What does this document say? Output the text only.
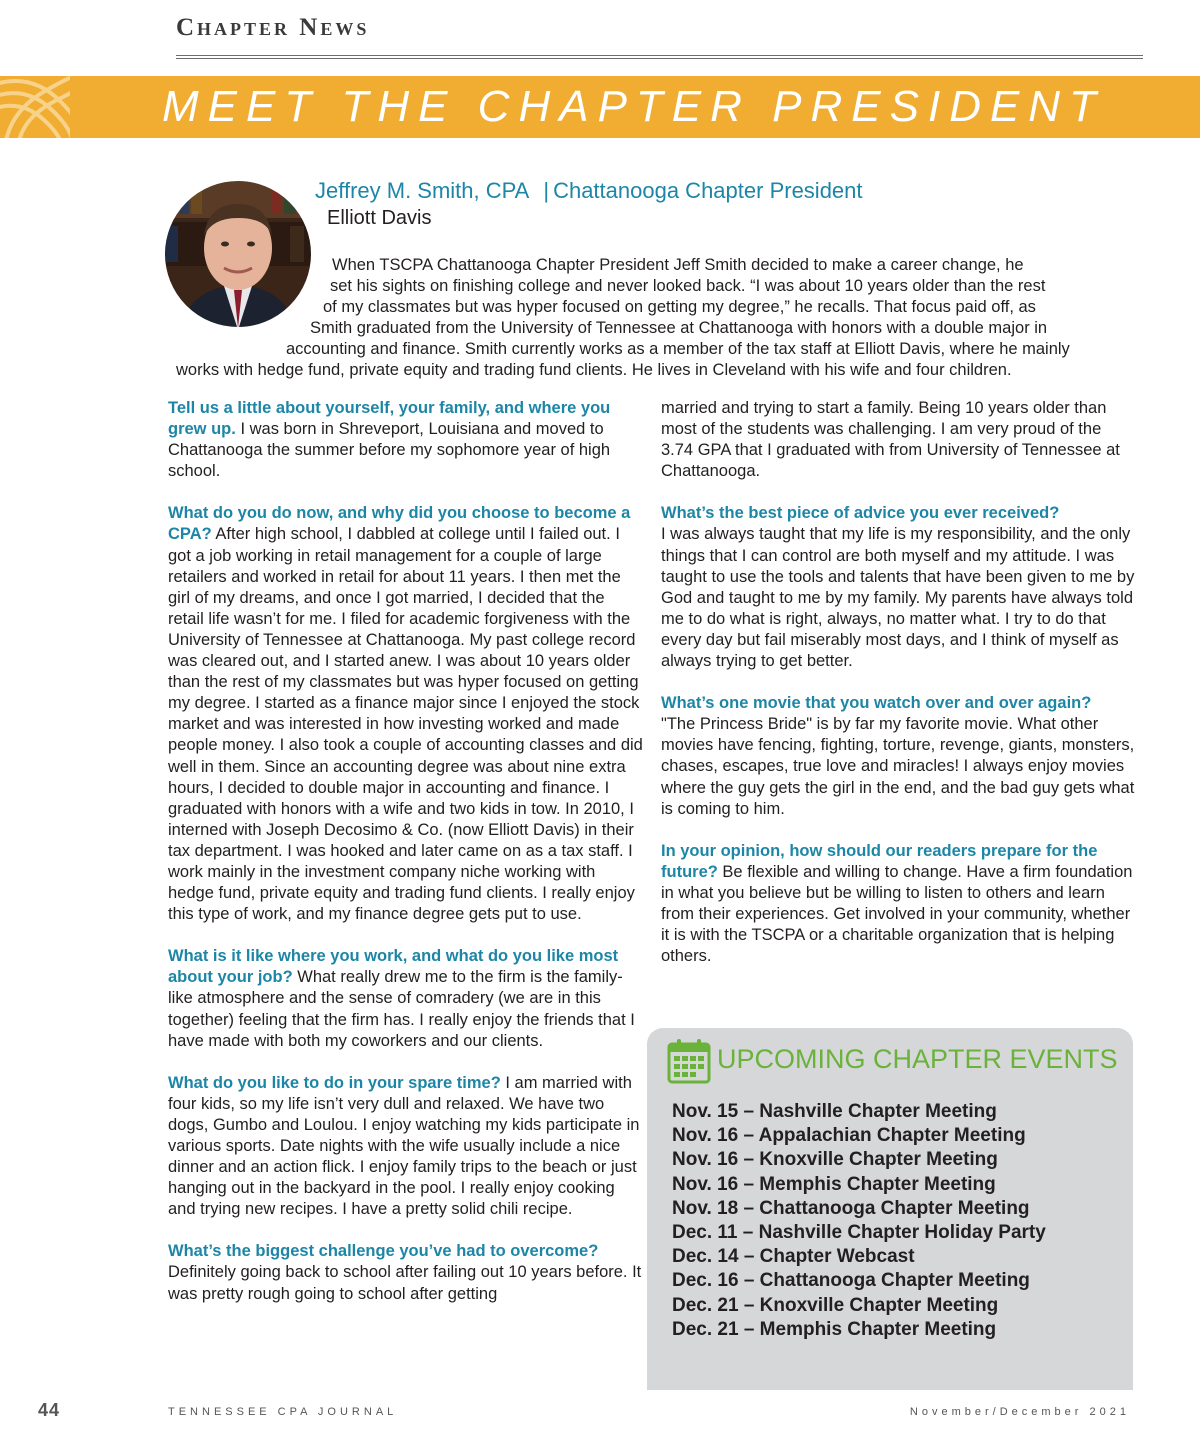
Chapter News
MEET THE CHAPTER PRESIDENT
Jeffrey M. Smith, CPA | Chattanooga Chapter President
Elliott Davis
When TSCPA Chattanooga Chapter President Jeff Smith decided to make a career change, he
set his sights on finishing college and never looked back. “I was about 10 years older than the rest
of my classmates but was hyper focused on getting my degree,” he recalls. That focus paid off, as
Smith graduated from the University of Tennessee at Chattanooga with honors with a double major in
accounting and finance. Smith currently works as a member of the tax staff at Elliott Davis, where he mainly
works with hedge fund, private equity and trading fund clients. He lives in Cleveland with his wife and four children.

Tell us a little about yourself, your family, and where you grew up. I was born in Shreveport, Louisiana and moved to Chattanooga the summer before my sophomore year of high school.

What do you do now, and why did you choose to become a CPA? After high school, I dabbled at college until I failed out. I got a job working in retail management for a couple of large retailers and worked in retail for about 11 years. I then met the girl of my dreams, and once I got married, I decided that the retail life wasn’t for me. I filed for academic forgiveness with the University of Tennessee at Chattanooga. My past college record was cleared out, and I started anew. I was about 10 years older than the rest of my classmates but was hyper focused on getting my degree. I started as a finance major since I enjoyed the stock market and was interested in how investing worked and made people money. I also took a couple of accounting classes and did well in them. Since an accounting degree was about nine extra hours, I decided to double major in accounting and finance. I graduated with honors with a wife and two kids in tow. In 2010, I interned with Joseph Decosimo & Co. (now Elliott Davis) in their tax department. I was hooked and later came on as a tax staff. I work mainly in the investment company niche working with hedge fund, private equity and trading fund clients. I really enjoy this type of work, and my finance degree gets put to use.

What is it like where you work, and what do you like most about your job? What really drew me to the firm is the family-like atmosphere and the sense of comradery (we are in this together) feeling that the firm has. I really enjoy the friends that I have made with both my coworkers and our clients.

What do you like to do in your spare time? I am married with four kids, so my life isn’t very dull and relaxed. We have two dogs, Gumbo and Loulou. I enjoy watching my kids participate in various sports. Date nights with the wife usually include a nice dinner and an action flick. I enjoy family trips to the beach or just hanging out in the backyard in the pool. I really enjoy cooking and trying new recipes. I have a pretty solid chili recipe.

What’s the biggest challenge you’ve had to overcome?
Definitely going back to school after failing out 10 years before. It was pretty rough going to school after getting

married and trying to start a family. Being 10 years older than most of the students was challenging. I am very proud of the 3.74 GPA that I graduated with from University of Tennessee at Chattanooga.

What’s the best piece of advice you ever received?
I was always taught that my life is my responsibility, and the only things that I can control are both myself and my attitude. I was taught to use the tools and talents that have been given to me by God and taught to me by my family. My parents have always told me to do what is right, always, no matter what. I try to do that every day but fail miserably most days, and I think of myself as always trying to get better.

What’s one movie that you watch over and over again?
"The Princess Bride" is by far my favorite movie. What other movies have fencing, fighting, torture, revenge, giants, monsters, chases, escapes, true love and miracles! I always enjoy movies where the guy gets the girl in the end, and the bad guy gets what is coming to him.

In your opinion, how should our readers prepare for the future? Be flexible and willing to change. Have a firm foundation in what you believe but be willing to listen to others and learn from their experiences. Get involved in your community, whether it is with the TSCPA or a charitable organization that is helping others.

UPCOMING CHAPTER EVENTS
Nov. 15 – Nashville Chapter Meeting
Nov. 16 – Appalachian Chapter Meeting
Nov. 16 – Knoxville Chapter Meeting
Nov. 16 – Memphis Chapter Meeting
Nov. 18 – Chattanooga Chapter Meeting
Dec. 11 – Nashville Chapter Holiday Party
Dec. 14 – Chapter Webcast
Dec. 16 – Chattanooga Chapter Meeting
Dec. 21 – Knoxville Chapter Meeting
Dec. 21 – Memphis Chapter Meeting
44	TENNESSEE CPA JOURNAL	November/December 2021
